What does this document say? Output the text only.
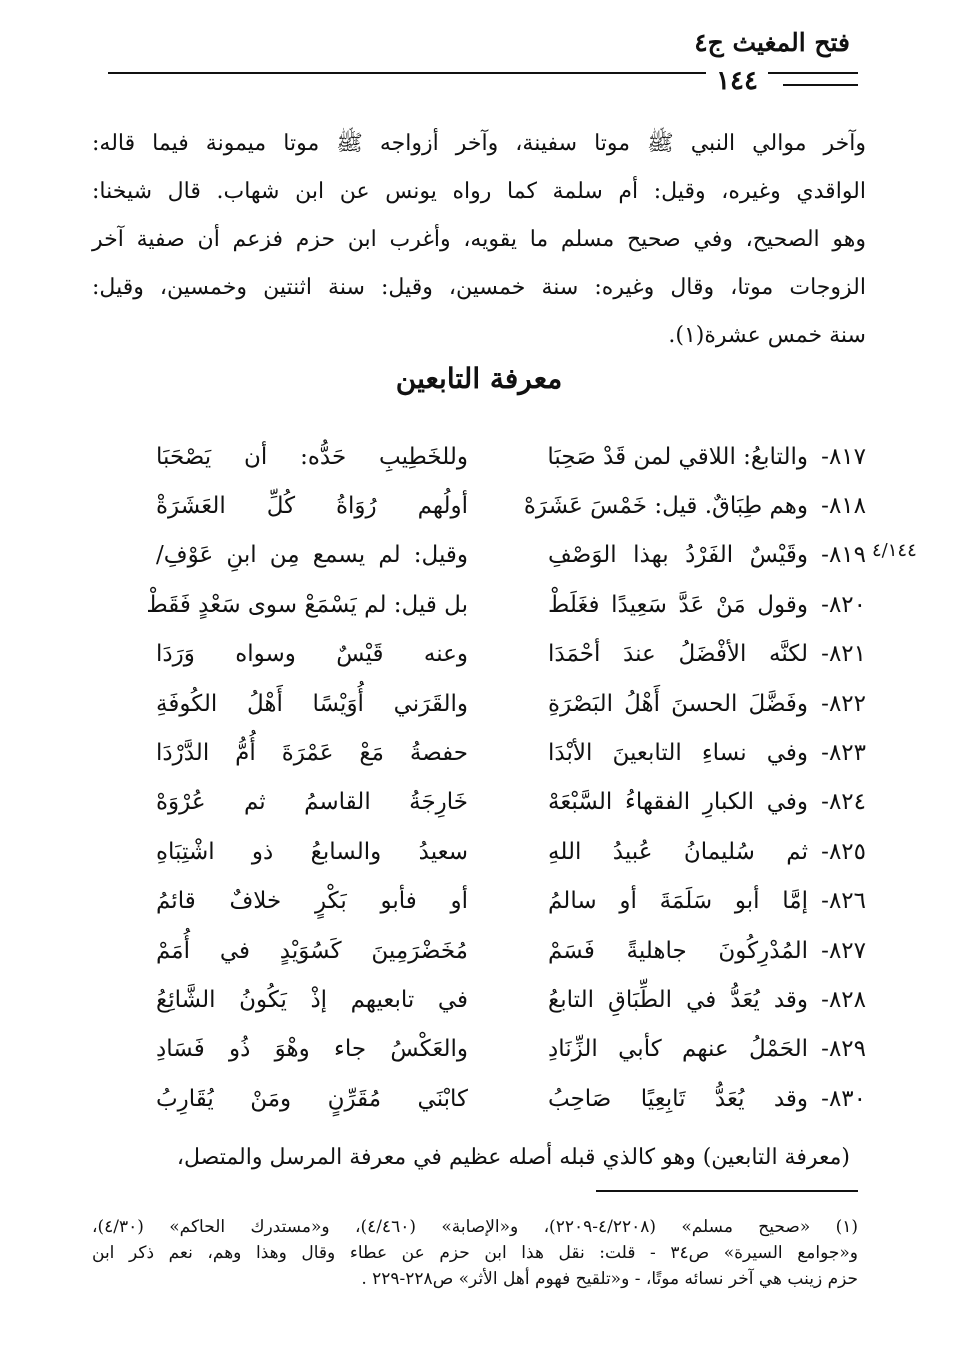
فتح المغيث ج٤
١٤٤
وآخر موالي النبي ﷺ موتا سفينة، وآخر أزواجه ﷺ موتا ميمونة فيما قاله:
الواقدي وغيره، وقيل: أم سلمة كما رواه يونس عن ابن شهاب. قال شيخنا:
وهو الصحيح، وفي صحيح مسلم ما يقويه، وأغرب ابن حزم فزعم أن صفية آخر
الزوجات موتا، وقال وغيره: سنة خمسين، وقيل: سنة اثنتين وخمسين، وقيل:
سنة خمس عشرة(١).
معرفة التابعين
٤/١٤٤
٨١٧-
والتابعُ: اللاقي لمن قَدْ صَحِبَا
وللخَطِيبِ حَدُّه: أن يَصْحَبَا
٨١٨-
وهم طِبَاقٌ. قيل: خَمْسَ عَشَرَهْ
أولُهم رُوَاةُ كُلِّ العَشَرَةْ
٨١٩-
وقَيْسٌ الفَرْدُ بهذا الوَصْفِ
وقيل: لم يسمع مِن ابنِ عَوْفِ/
٨٢٠-
وقول مَنْ عَدَّ سَعِيدًا فغَلَطْ
بل قيل: لم يَسْمَعْ سوى سَعْدٍ فَقَطْ
٨٢١-
لكنَّه الأفْضَلُ عندَ أحْمَدَا
وعنه قَيْسٌ وسواه وَرَدَا
٨٢٢-
وفَضَّلَ الحسنَ أَهْلُ البَصْرَةِ
والقَرَني أُوَيْسًا أَهْلُ الكُوفَةِ
٨٢٣-
وفي نساءِ التابعينَ الأبْدَا
حفصةُ مَعْ عَمْرَةَ أُمُّ الدَّرْدَا
٨٢٤-
وفي الكبارِ الفقهاءُ السَّبْعَهْ
خَارِجَةُ القاسمُ ثم عُرْوَهْ
٨٢٥-
ثم سُليمانُ عُبيدُ اللهِ
سعيدُ والسابعُ ذو اشْتِبَاهِ
٨٢٦-
إمَّا أبو سَلَمَةَ أو سالمُ
أو فأبو بَكْرٍ خلافٌ قائمُ
٨٢٧-
المُدْرِكُونَ جاهليةً فَسَمْ
مُخَضْرَمِينَ كَسُوَيْدٍ في أُمَمْ
٨٢٨-
وقد يُعَدُّ في الطِّبَاقِ التابعُ
في تابعيهم إذْ يَكُونُ الشَّائِعُ
٨٢٩-
الحَمْلُ عنهم كأبي الزِّنَادِ
والعَكْسُ جاء وهْوَ ذُو فَسَادِ
٨٣٠-
وقد يُعَدُّ تَابِعِيًا صَاحِبُ
كابْنَي مُقَرِّنٍ ومَنْ يُقَارِبُ
(معرفة التابعين) وهو كالذي قبله أصله عظيم في معرفة المرسل والمتصل،
(١) «صحيح مسلم» (٤/٢٢٠٨-٢٢٠٩)، و«الإصابة» (٤/٤٦٠)، و«مستدرك الحاكم» (٤/٣٠)،
و«جوامع السيرة» ص٣٤ - قلت: نقل هذا ابن حزم عن عطاء وقال وهذا وهم، نعم ذكر ابن
حزم زينب هي آخر نسائه موتًا، - و«تلقيح فهوم أهل الأثر» ص٢٢٨-٢٢٩ .
